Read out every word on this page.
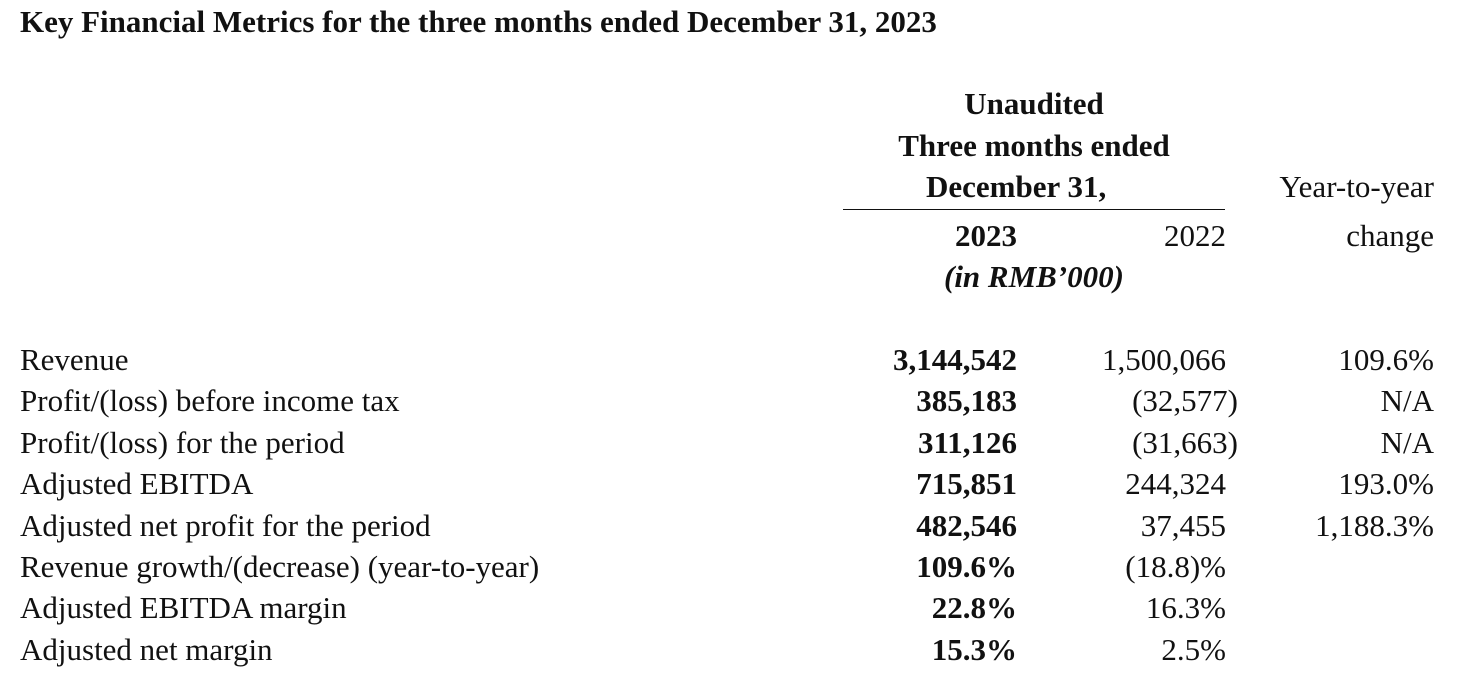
Key Financial Metrics for the three months ended December 31, 2023
Unaudited
Three months ended
December 31,	Year-to-year
change
2023	2022
(in RMB’000)
Revenue	3,144,542	1,500,066	109.6%
Profit/(loss) before income tax	385,183	(32,577)	N/A
Profit/(loss) for the period	311,126	(31,663)	N/A
Adjusted EBITDA	715,851	244,324	193.0%
Adjusted net profit for the period	482,546	37,455	1,188.3%
Revenue growth/(decrease) (year-to-year)	109.6%	(18.8)%
Adjusted EBITDA margin	22.8%	16.3%
Adjusted net margin	15.3%	2.5%
